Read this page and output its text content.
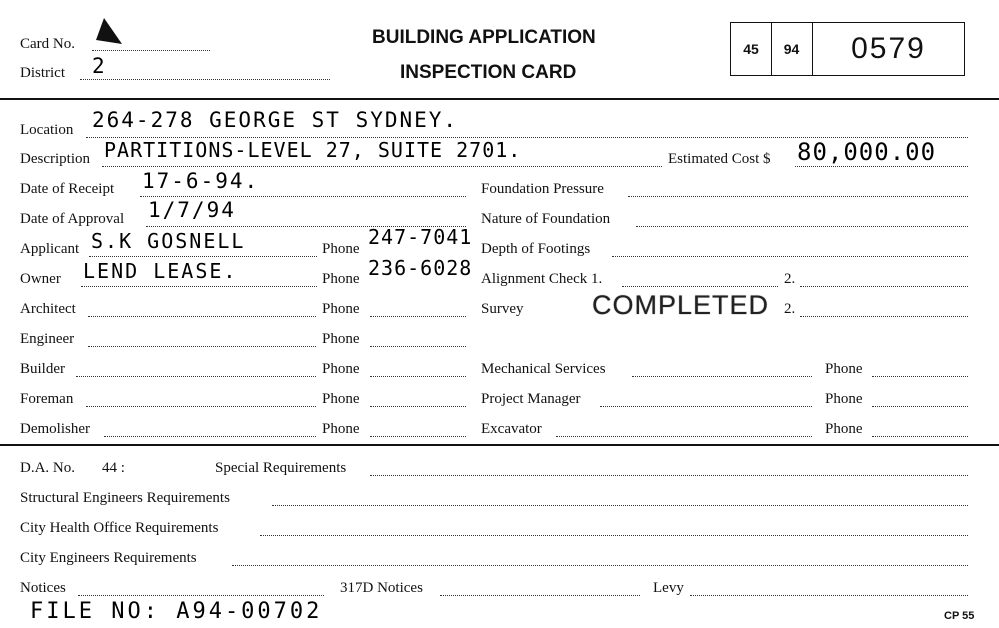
Card No.
District 2
BUILDING APPLICATION
INSPECTION CARD
45	94	0579
Location 264-278 GEORGE ST SYDNEY.
Description PARTITIONS-LEVEL 27, SUITE 2701.	Estimated Cost $ 80,000.00
Date of Receipt 17-6-94.
Date of Approval 1/7/94
Applicant S.K GOSNELL	Phone 247-7041
Owner LEND LEASE.	Phone 236-6028
Architect	Phone
Engineer	Phone
Builder	Phone
Foreman	Phone
Demolisher	Phone
Foundation Pressure
Nature of Foundation
Depth of Footings
Alignment Check 1.	2.
Survey	COMPLETED 2.
Mechanical Services	Phone
Project Manager	Phone
Excavator	Phone
D.A. No. 44 :	Special Requirements
Structural Engineers Requirements
City Health Office Requirements
City Engineers Requirements
Notices	317D Notices	Levy
FILE NO: A94-00702	CP 55
